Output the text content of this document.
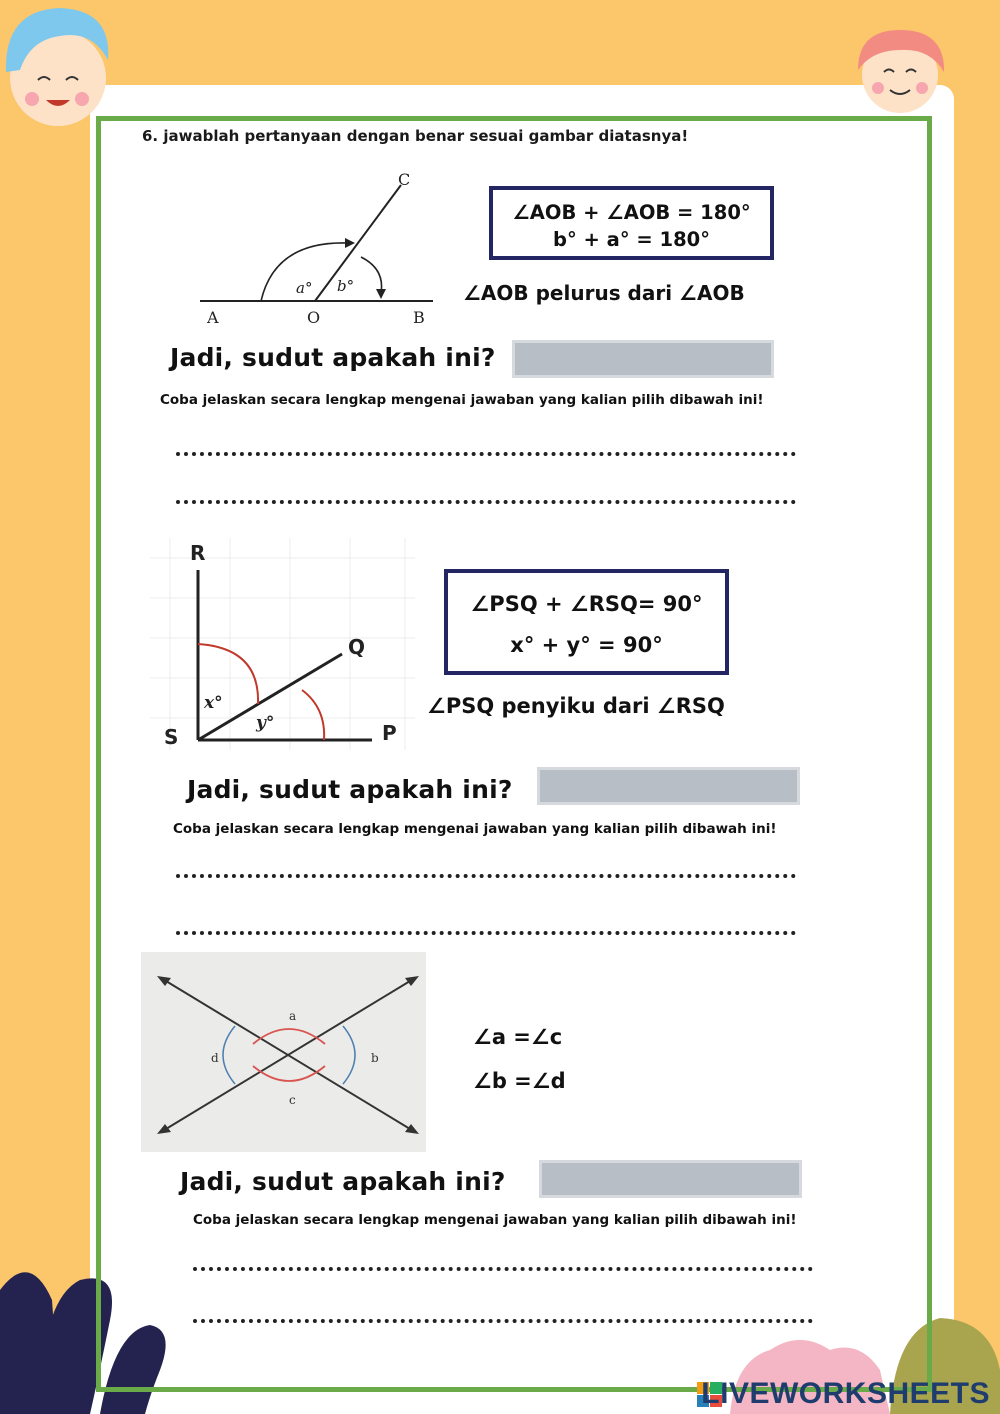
6. jawablah pertanyaan dengan benar sesuai gambar diatasnya!
A	O	B
C
a° b°
∠AOB + ∠AOB = 180°
b° + a° = 180°
∠AOB pelurus dari ∠AOB
Jadi, sudut apakah ini?
Coba jelaskan secara lengkap mengenai jawaban yang kalian pilih dibawah ini!
R
Q
S	P
x°
y°
∠PSQ + ∠RSQ= 90°
x° + y° = 90°
∠PSQ penyiku dari ∠RSQ
Jadi, sudut apakah ini?
Coba jelaskan secara lengkap mengenai jawaban yang kalian pilih dibawah ini!
a
b
c
d
∠a =∠c
∠b =∠d
Jadi, sudut apakah ini?
Coba jelaskan secara lengkap mengenai jawaban yang kalian pilih dibawah ini!
LIVEWORKSHEETS
